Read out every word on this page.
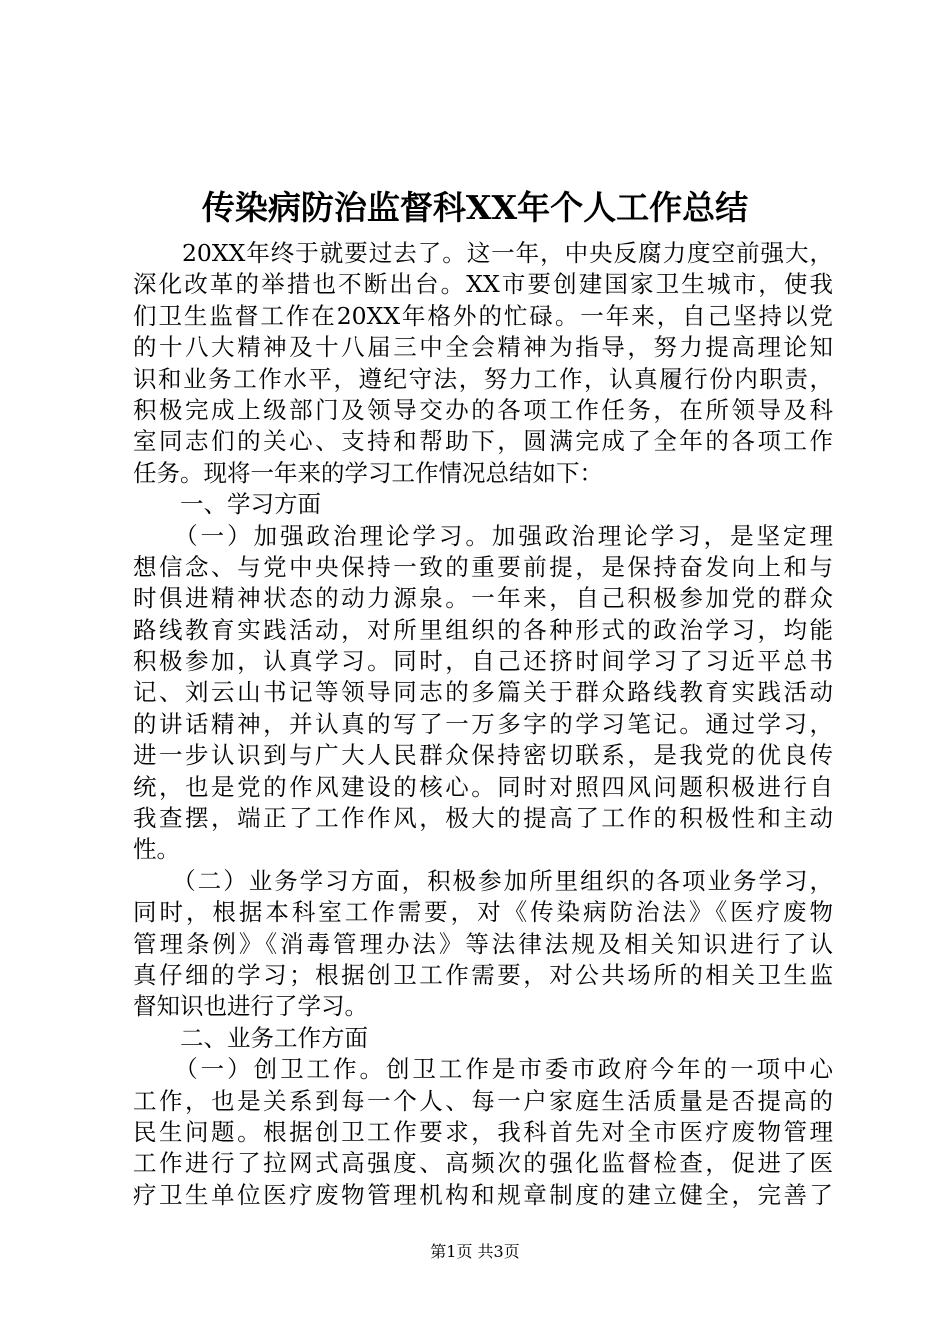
传染病防治监督科XX年个人工作总结
　　20XX年终于就要过去了。这一年，中央反腐力度空前强大，
深化改革的举措也不断出台。XX市要创建国家卫生城市，使我
们卫生监督工作在20XX年格外的忙碌。一年来，自己坚持以党
的十八大精神及十八届三中全会精神为指导，努力提高理论知
识和业务工作水平，遵纪守法，努力工作，认真履行份内职责，
积极完成上级部门及领导交办的各项工作任务，在所领导及科
室同志们的关心、支持和帮助下，圆满完成了全年的各项工作
任务。现将一年来的学习工作情况总结如下：
　　一、学习方面
　　（一）加强政治理论学习。加强政治理论学习，是坚定理
想信念、与党中央保持一致的重要前提，是保持奋发向上和与
时俱进精神状态的动力源泉。一年来，自己积极参加党的群众
路线教育实践活动，对所里组织的各种形式的政治学习，均能
积极参加，认真学习。同时，自己还挤时间学习了习近平总书
记、刘云山书记等领导同志的多篇关于群众路线教育实践活动
的讲话精神，并认真的写了一万多字的学习笔记。通过学习，
进一步认识到与广大人民群众保持密切联系，是我党的优良传
统，也是党的作风建设的核心。同时对照四风问题积极进行自
我查摆，端正了工作作风，极大的提高了工作的积极性和主动
性。
　　（二）业务学习方面，积极参加所里组织的各项业务学习，
同时，根据本科室工作需要，对《传染病防治法》《医疗废物
管理条例》《消毒管理办法》等法律法规及相关知识进行了认
真仔细的学习；根据创卫工作需要，对公共场所的相关卫生监
督知识也进行了学习。
　　二、业务工作方面
　　（一）创卫工作。创卫工作是市委市政府今年的一项中心
工作，也是关系到每一个人、每一户家庭生活质量是否提高的
民生问题。根据创卫工作要求，我科首先对全市医疗废物管理
工作进行了拉网式高强度、高频次的强化监督检查，促进了医
疗卫生单位医疗废物管理机构和规章制度的建立健全，完善了
第1页 共3页
